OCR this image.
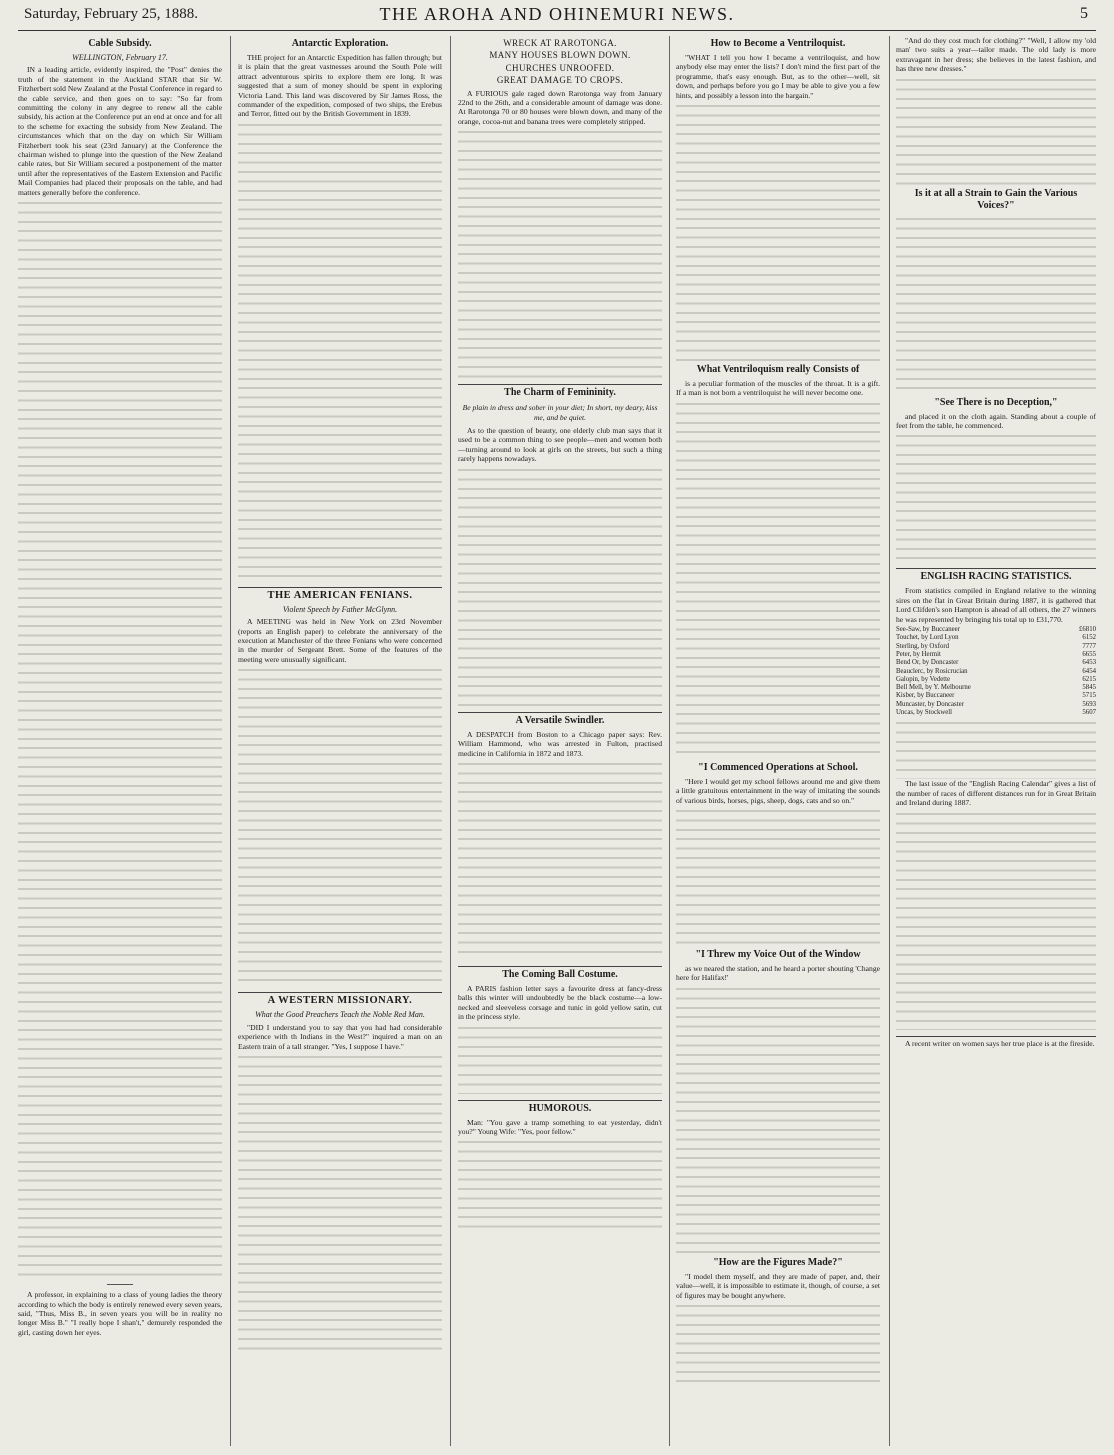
Saturday, February 25, 1888.	THE AROHA AND OHINEMURI NEWS.	5
Cable Subsidy.
WELLINGTON, February 17.

IN a leading article, evidently inspired, the "Post" denies the truth of the statement in the Auckland STAR that Sir W. Fitzherbert sold New Zealand at the Postal Conference in regard to the cable service, and then goes on to say: "So far from committing the colony in any degree to renew all the cable subsidy, his action at the Conference put an end at once and for all to the scheme for exacting the subsidy from New Zealand. The circumstances which that on the day on which Sir William Fitzherbert took his seat (23rd January) at the Conference the chairman wished to plunge into the question of the New Zealand cable rates, but Sir William secured a postponement of the matter until after the representatives of the Eastern Extension and Pacific Mail Companies had placed their proposals on the table, and had matters generally before the conference.

A professor, in explaining to a class of young ladies the theory according to which the body is entirely renewed every seven years, said, "Thus, Miss B., in seven years you will be in reality no longer Miss B." "I really hope I shan't," demurely responded the girl, casting down her eyes.

Antarctic Exploration.

THE project for an Antarctic Expedition has fallen through; but it is plain that the great vastnesses around the South Pole will attract adventurous spirits to explore them ere long. It was suggested that a sum of money should be spent in exploring Victoria Land. This land was discovered by Sir James Ross, the commander of the expedition, composed of two ships, the Erebus and Terror, fitted out by the British Government in 1839.

THE AMERICAN FENIANS.
Violent Speech by Father McGlynn.

A MEETING was held in New York on 23rd November (reports an English paper) to celebrate the anniversary of the execution at Manchester of the three Fenians who were concerned in the murder of Sergeant Brett. Some of the features of the meeting were unusually significant.

A WESTERN MISSIONARY.
What the Good Preachers Teach the Noble Red Man.

"DID I understand you to say that you had had considerable experience with th Indians in the West?" inquired a man on an Eastern train of a tall stranger. "Yes, I suppose I have."

WRECK AT RAROTONGA.
MANY HOUSES BLOWN DOWN.
CHURCHES UNROOFED.
GREAT DAMAGE TO CROPS.

A FURIOUS gale raged down Rarotonga way from January 22nd to the 26th, and a considerable amount of damage was done. At Rarotonga 70 or 80 houses were blown down, and many of the orange, cocoa-nut and banana trees were completely stripped.

The Charm of Femininity.
Be plain in dress and sober in your diet; In short, my deary, kiss me, and be quiet.

As to the question of beauty, one elderly club man says that it used to be a common thing to see people—men and women both—turning around to look at girls on the streets, but such a thing rarely happens nowadays.

A Versatile Swindler.

A DESPATCH from Boston to a Chicago paper says: Rev. William Hammond, who was arrested in Fulton, practised medicine in California in 1872 and 1873.

The Coming Ball Costume.

A PARIS fashion letter says a favourite dress at fancy-dress balls this winter will undoubtedly be the black costume—a low-necked and sleeveless corsage and tunic in gold yellow satin, cut in the princess style.

HUMOROUS.

Man: "You gave a tramp something to eat yesterday, didn't you?" Young Wife: "Yes, poor fellow."

How to Become a Ventriloquist.

"WHAT I tell you how I became a ventriloquist, and how anybody else may enter the lists? I don't mind the first part of the programme, that's easy enough. But, as to the other—well, sit down, and perhaps before you go I may be able to give you a few hints, and possibly a lesson into the bargain."

What Ventriloquism really Consists of

is a peculiar formation of the muscles of the throat. It is a gift. If a man is not born a ventriloquist he will never become one.

"I Commenced Operations at School.

"Here I would get my school fellows around me and give them a little gratuitous entertainment in the way of imitating the sounds of various birds, horses, pigs, sheep, dogs, cats and so on."

"I Threw my Voice Out of the Window

as we neared the station, and he heard a porter shouting 'Change here for Halifax!'

"How are the Figures Made?"

"I model them myself, and they are made of paper, and, their value—well, it is impossible to estimate it, though, of course, a set of figures may be bought anywhere.

"And do they cost much for clothing?" "Well, I allow my 'old man' two suits a year—tailor made. The old lady is more extravagant in her dress; she believes in the latest fashion, and has three new dresses."

Is it at all a Strain to Gain the Various Voices?"
"See There is no Deception,"

and placed it on the cloth again. Standing about a couple of feet from the table, he commenced.

ENGLISH RACING STATISTICS.

From statistics compiled in England relative to the winning sires on the flat in Great Britain during 1887, it is gathered that Lord Clifden's son Hampton is ahead of all others, the 27 winners he was represented by bringing his total up to £31,770.

See-Saw, by Buccaneer	£6810
Touchet, by Lord Lyon	6152
Sterling, by Oxford	7777
Peter, by Hermit	6655
Bend Or, by Doncaster	6453
Beauclerc, by Rosicrucian	6454
Galopin, by Vedette	6215
Bell Mell, by Y. Melbourne	5845
Kisber, by Buccaneer	5715
Muncaster, by Doncaster	5693
Uncas, by Stockwell	5607

The last issue of the "English Racing Calendar" gives a list of the number of races of different distances run for in Great Britain and Ireland during 1887.

A recent writer on women says her true place is at the fireside.
